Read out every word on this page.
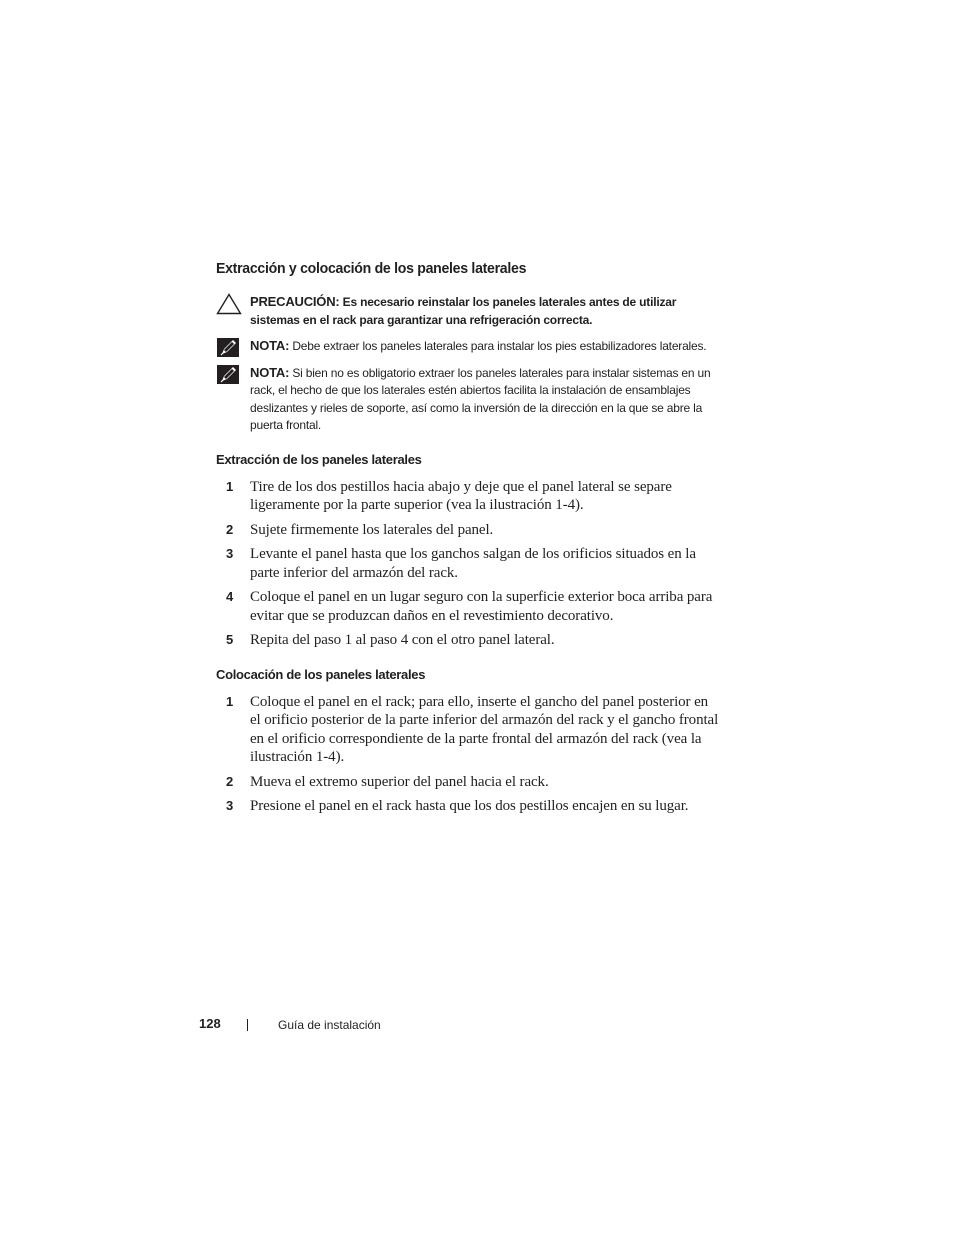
Extracción y colocación de los paneles laterales
PRECAUCIÓN: Es necesario reinstalar los paneles laterales antes de utilizar sistemas en el rack para garantizar una refrigeración correcta.
NOTA: Debe extraer los paneles laterales para instalar los pies estabilizadores laterales.
NOTA: Si bien no es obligatorio extraer los paneles laterales para instalar sistemas en un rack, el hecho de que los laterales estén abiertos facilita la instalación de ensamblajes deslizantes y rieles de soporte, así como la inversión de la dirección en la que se abre la puerta frontal.
Extracción de los paneles laterales
1 Tire de los dos pestillos hacia abajo y deje que el panel lateral se separe ligeramente por la parte superior (vea la ilustración 1-4).
2 Sujete firmemente los laterales del panel.
3 Levante el panel hasta que los ganchos salgan de los orificios situados en la parte inferior del armazón del rack.
4 Coloque el panel en un lugar seguro con la superficie exterior boca arriba para evitar que se produzcan daños en el revestimiento decorativo.
5 Repita del paso 1 al paso 4 con el otro panel lateral.
Colocación de los paneles laterales
1 Coloque el panel en el rack; para ello, inserte el gancho del panel posterior en el orificio posterior de la parte inferior del armazón del rack y el gancho frontal en el orificio correspondiente de la parte frontal del armazón del rack (vea la ilustración 1-4).
2 Mueva el extremo superior del panel hacia el rack.
3 Presione el panel en el rack hasta que los dos pestillos encajen en su lugar.
128	Guía de instalación
